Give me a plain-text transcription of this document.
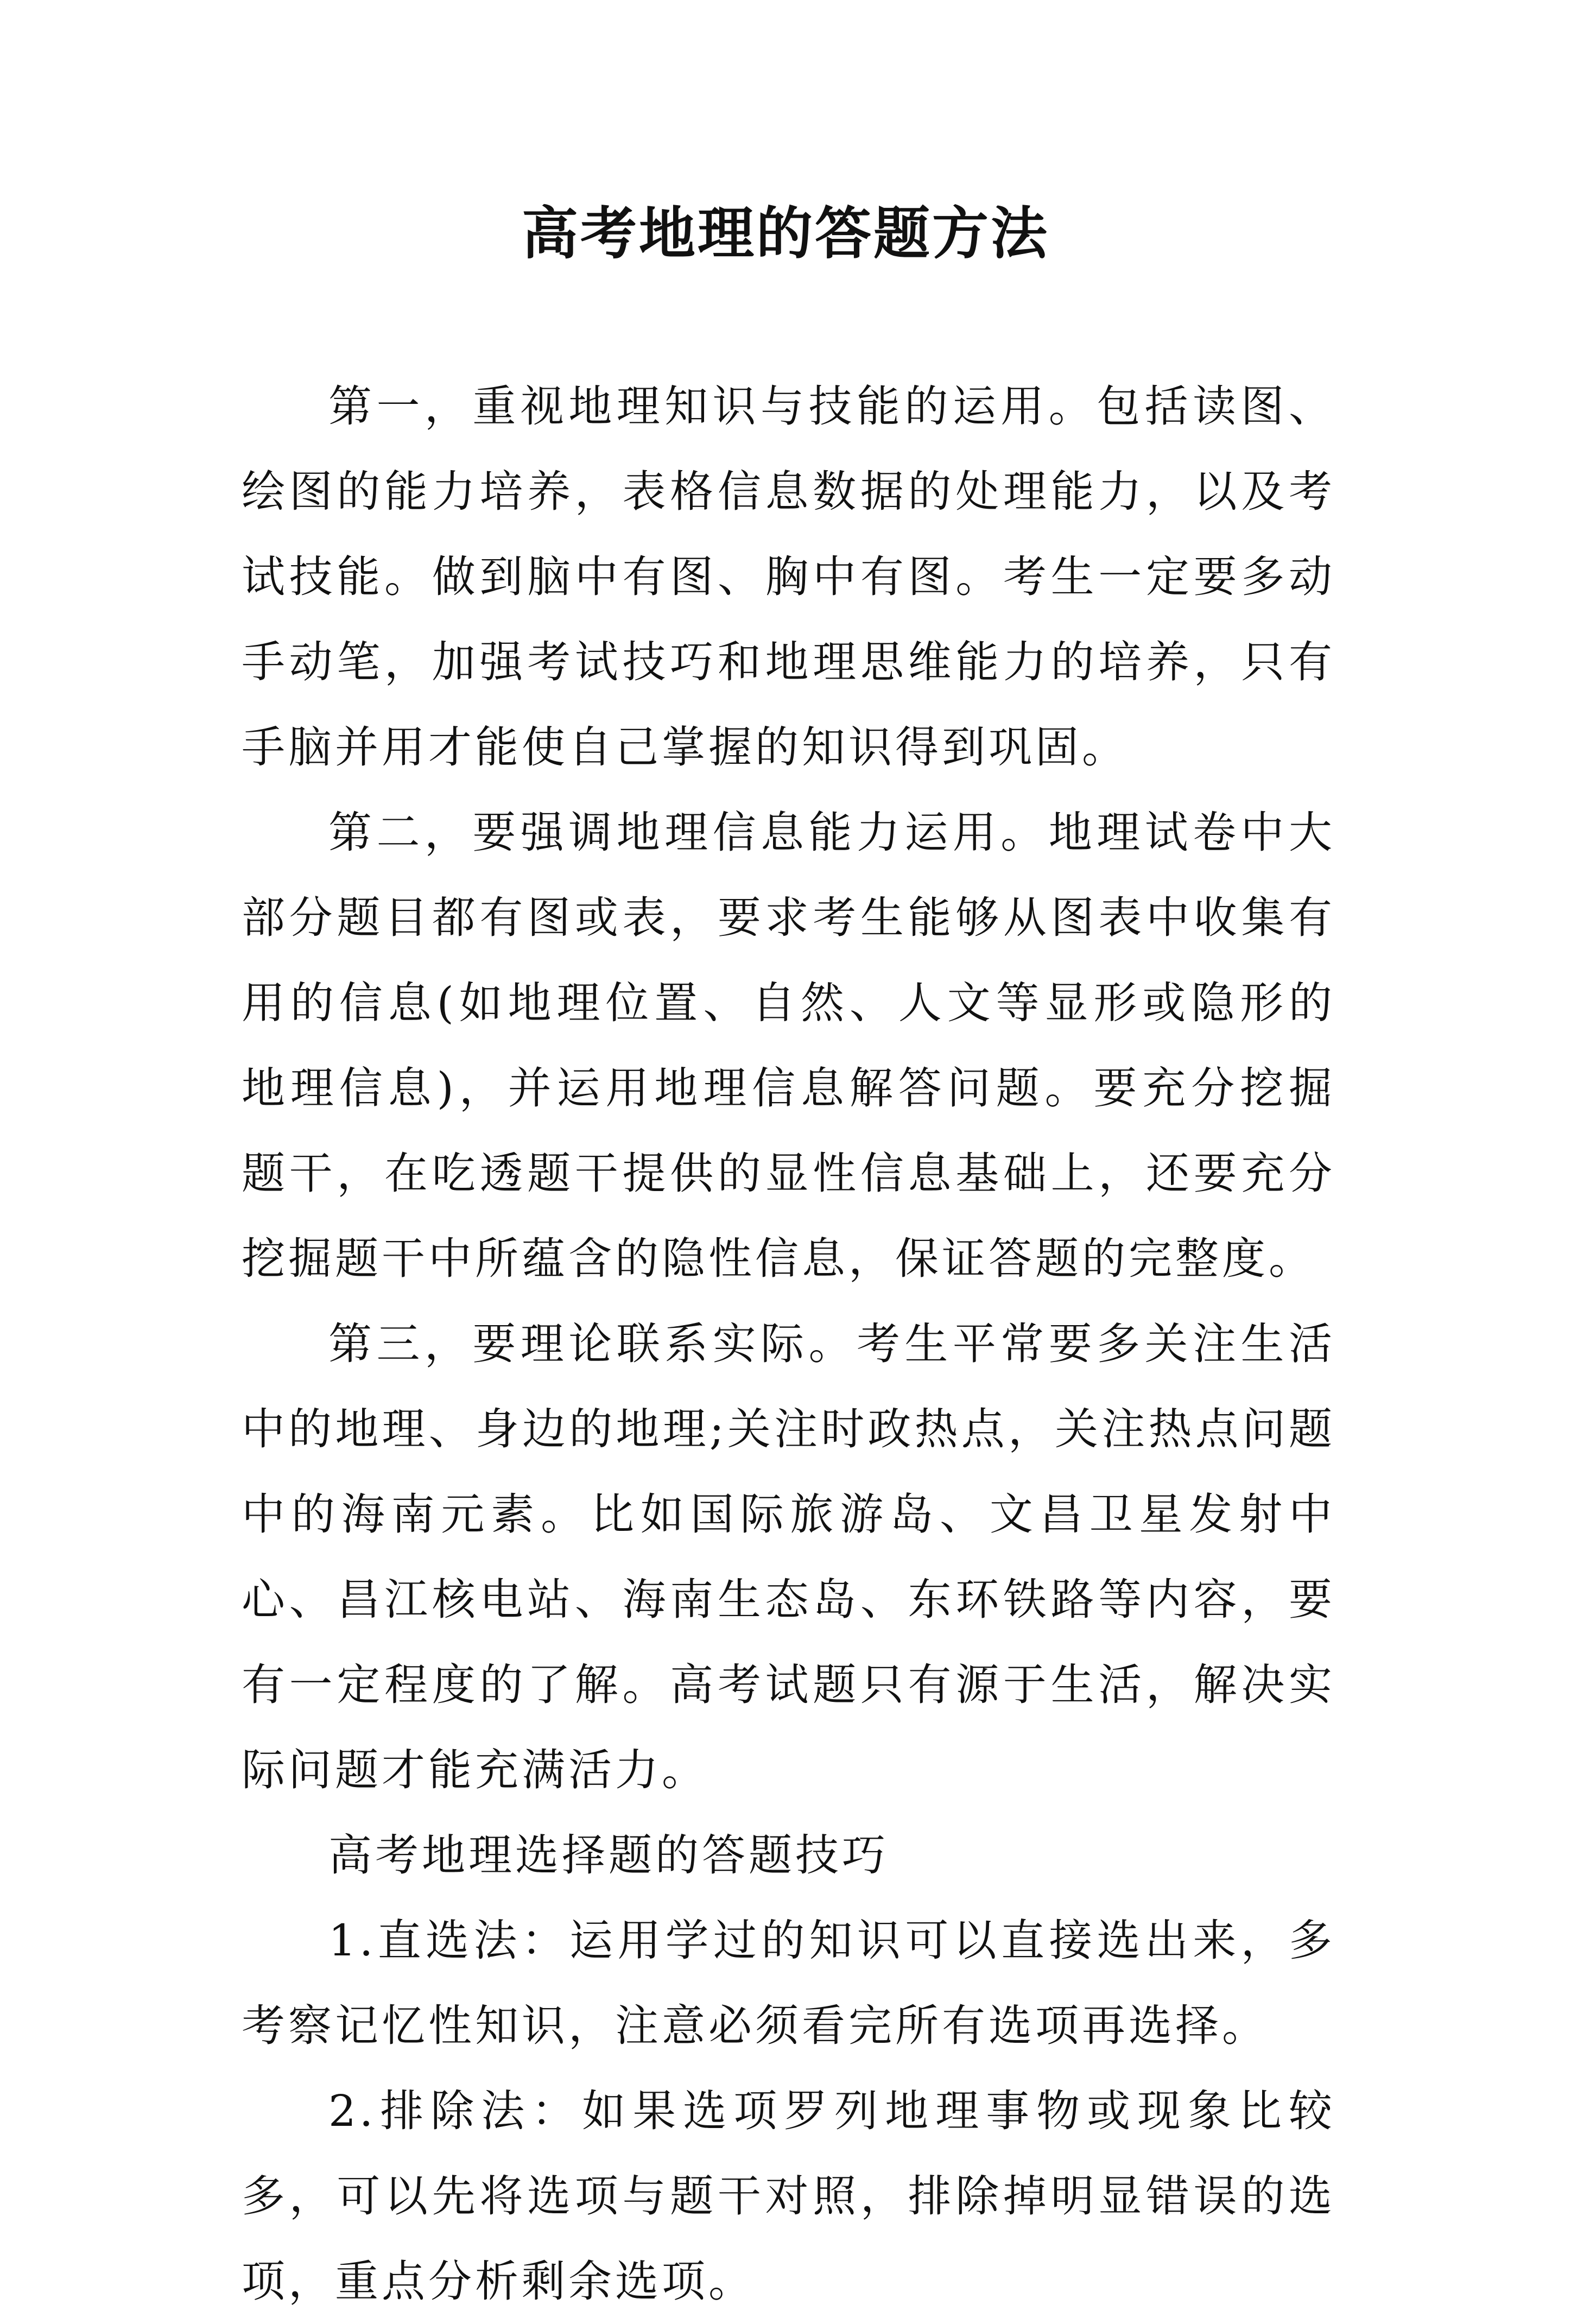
高考地理的答题方法

第一，重视地理知识与技能的运用。包括读图、绘图的能力培养，表格信息数据的处理能力，以及考试技能。做到脑中有图、胸中有图。考生一定要多动手动笔，加强考试技巧和地理思维能力的培养，只有手脑并用才能使自己掌握的知识得到巩固。

第二，要强调地理信息能力运用。地理试卷中大部分题目都有图或表，要求考生能够从图表中收集有用的信息(如地理位置、自然、人文等显形或隐形的地理信息)，并运用地理信息解答问题。要充分挖掘题干，在吃透题干提供的显性信息基础上，还要充分挖掘题干中所蕴含的隐性信息，保证答题的完整度。

第三，要理论联系实际。考生平常要多关注生活中的地理、身边的地理;关注时政热点，关注热点问题中的海南元素。比如国际旅游岛、文昌卫星发射中心、昌江核电站、海南生态岛、东环铁路等内容，要有一定程度的了解。高考试题只有源于生活，解决实际问题才能充满活力。

高考地理选择题的答题技巧

1.直选法：运用学过的知识可以直接选出来，多考察记忆性知识，注意必须看完所有选项再选择。

2.排除法：如果选项罗列地理事物或现象比较多，可以先将选项与题干对照，排除掉明显错误的选项，重点分析剩余选项。
